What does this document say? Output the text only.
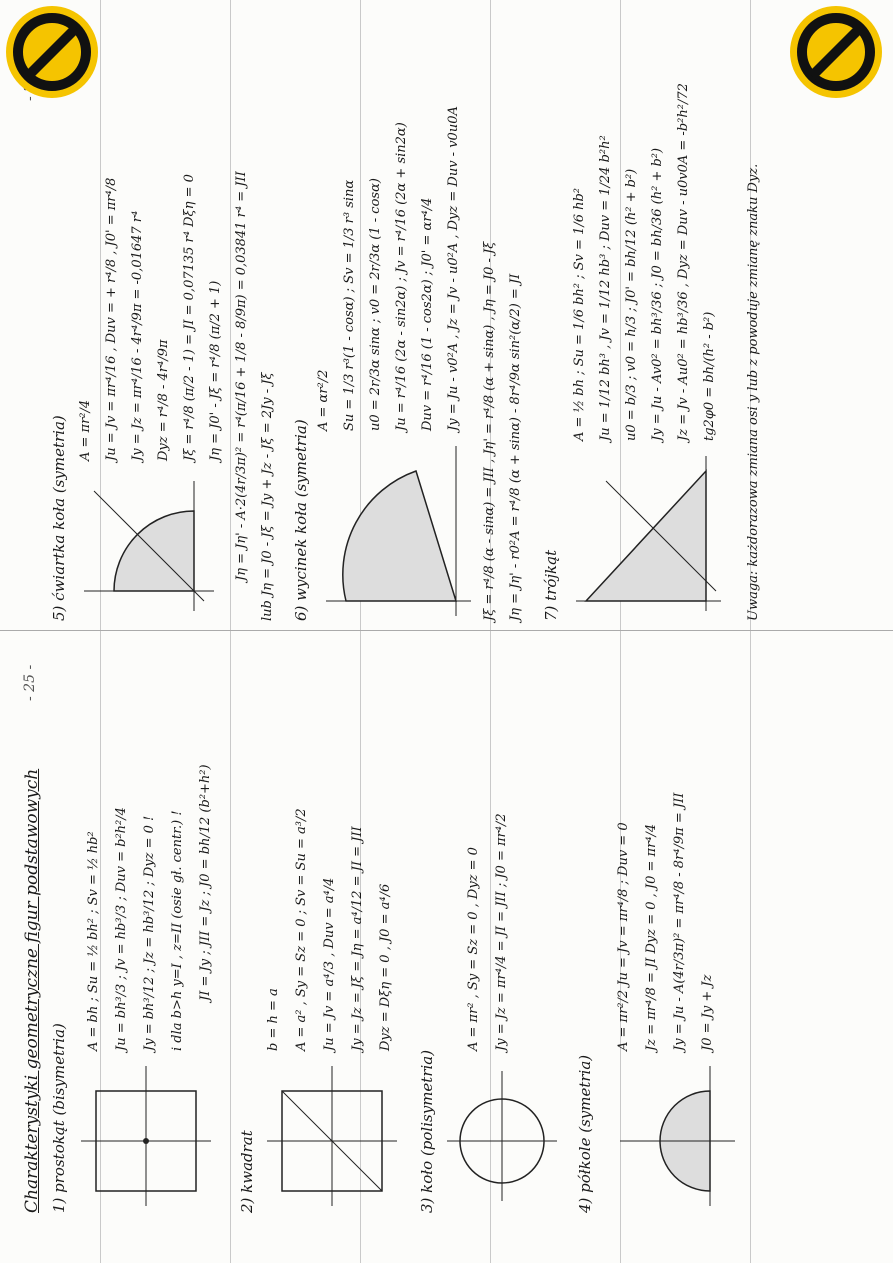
Charakterystyki geometryczne figur podstawowych
- 25 -
1) prostokąt (bisymetria)
A = bh ; Su = ½ bh² ; Sv = ½ hb² Ju = bh³/3 ; Jv = hb³/3 ; Duv = b²h²/4 Jy = bh³/12 ; Jz = hb³/12 ; Dyz = 0 ! i dla b>h y=I , z=II (osie gł. centr.) ! JI = Jy ; JII = Jz ; J0 = bh/12 (b²+h²)
2) kwadrat
b = h = a A = a² , Sy = Sz = 0 ; Sv = Su = a³/2 Ju = Jv = a⁴/3 , Duv = a⁴/4 Jy = Jz = Jξ = Jη = a⁴/12 = JI = JII Dyz = Dξη = 0 , J0 = a⁴/6
3) koło (polisymetria)
A = πr² , Sy = Sz = 0 , Dyz = 0 Jy = Jz = πr⁴/4 = JI = JII ; J0 = πr⁴/2
4) półkole (symetria)
A = πr²/2 Ju = Jv = πr⁴/8 ; Duv = 0 Jz = πr⁴/8 = JI Dyz = 0 , J0 = πr⁴/4 Jy = Ju - A(4r/3π)² = πr⁴/8 - 8r⁴/9π = JII J0 = Jy + Jz
5) ćwiartka koła (symetria) A = πr²/4 Ju = Jv = πr⁴/16 , Duv = + r⁴/8 , J0' = πr⁴/8 Jy = Jz = πr⁴/16 - 4r⁴/9π = -0,01647 r⁴ Dyz = r⁴/8 - 4r⁴/9π Jξ = r⁴/8 (π/2 - 1) = JI = 0,07135 r⁴ Dξη = 0 Jη = J0' - Jξ = r⁴/8 (π/2 + 1) Jη = Jη' - A·2(4r/3π)² = r⁴(π/16 + 1/8 - 8/9π) = 0,03841 r⁴ = JII lub Jη = J0 - Jξ = Jy + Jz - Jξ = 2Jy - Jξ 6) wycinek koła (symetria)
A = αr²/2 Su = 1/3 r³(1 - cosα) ; Sv = 1/3 r³ sinα u0 = 2r/3α sinα ; v0 = 2r/3α (1 - cosα) Ju = r⁴/16 (2α - sin2α) ; Jv = r⁴/16 (2α + sin2α) Duv = r⁴/16 (1 - cos2α) ; J0' = αr⁴/4 Jy = Ju - v0²A , Jz = Jv - u0²A , Dyz = Duv - v0u0A Jξ = r⁴/8 (α - sinα) = JII , Jη' = r⁴/8 (α + sinα) , Jη = J0 - Jξ Jη = Jη' - r0²A = r⁴/8 (α + sinα) - 8r⁴/9α sin²(α/2) = JI 7) trójkąt
A = ½ bh ; Su = 1/6 bh² ; Sv = 1/6 hb² Ju = 1/12 bh³ , Jv = 1/12 hb³ ; Duv = 1/24 b²h² u0 = b/3 ; v0 = h/3 ; J0' = bh/12 (h² + b²) Jy = Ju - Av0² = bh³/36 ; J0 = bh/36 (h² + b²) Jz = Jv - Au0² = hb³/36 , Dyz = Duv - u0v0A = -b²h²/72 tg2φ0 = bh/(h² - b²) Uwaga: każdorazowa zmiana osi y lub z powoduje zmianę znaku Dyz.
